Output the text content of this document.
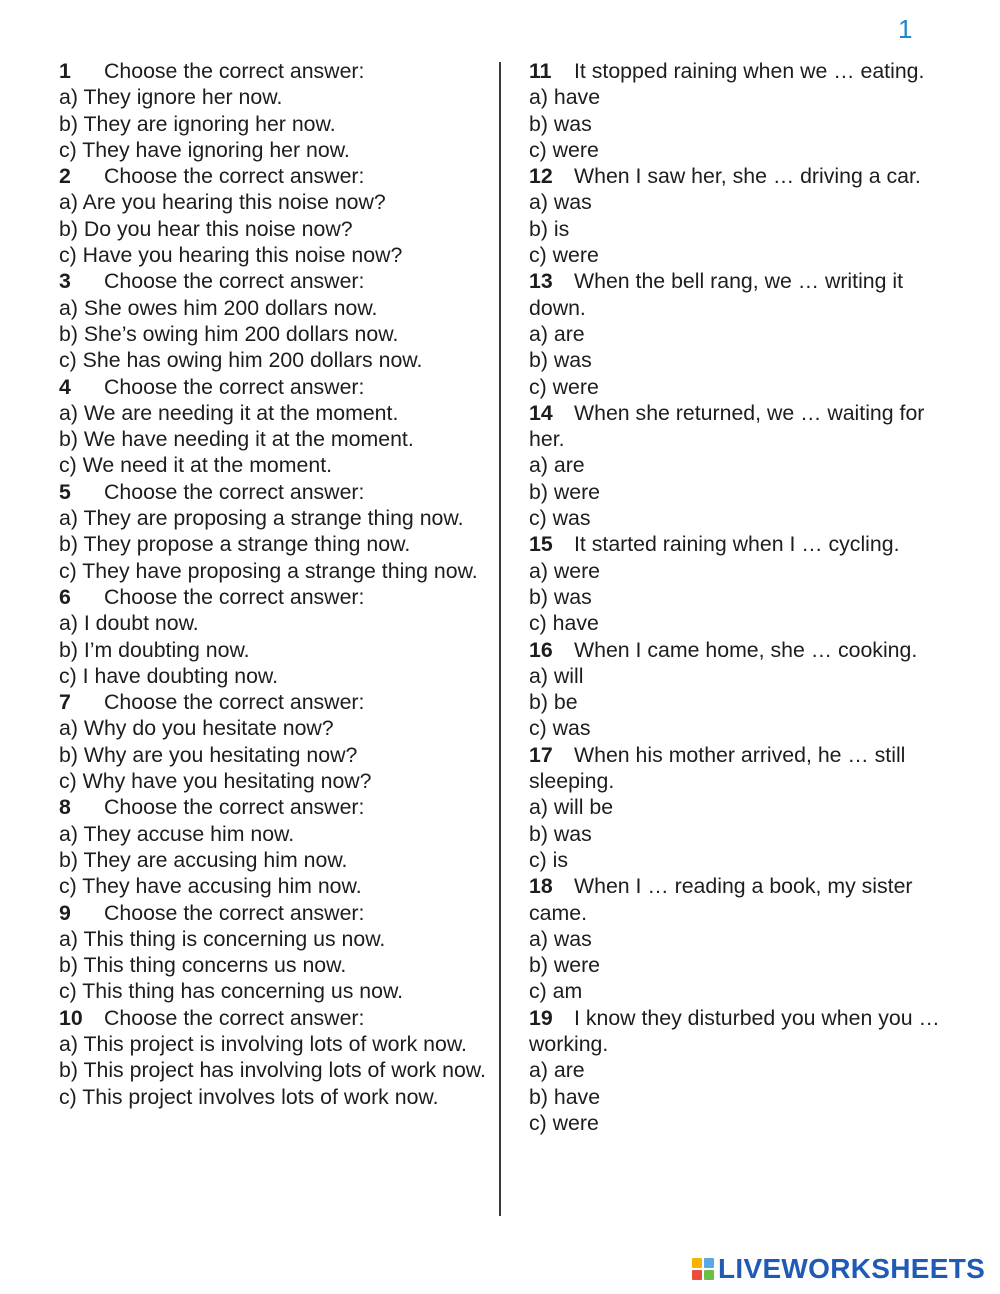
1
1 Choose the correct answer:
a) They ignore her now.
b) They are ignoring her now.
c) They have ignoring her now.
2 Choose the correct answer:
a) Are you hearing this noise now?
b) Do you hear this noise now?
c) Have you hearing this noise now?
3 Choose the correct answer:
a) She owes him 200 dollars now.
b) She’s owing him 200 dollars now.
c) She has owing him 200 dollars now.
4 Choose the correct answer:
a) We are needing it at the moment.
b) We have needing it at the moment.
c) We need it at the moment.
5 Choose the correct answer:
a) They are proposing a strange thing now.
b) They propose a strange thing now.
c) They have proposing a strange thing now.
6 Choose the correct answer:
a) I doubt now.
b) I’m doubting now.
c) I have doubting now.
7 Choose the correct answer:
a) Why do you hesitate now?
b) Why are you hesitating now?
c) Why have you hesitating now?
8 Choose the correct answer:
a) They accuse him now.
b) They are accusing him now.
c) They have accusing him now.
9 Choose the correct answer:
a) This thing is concerning us now.
b) This thing concerns us now.
c) This thing has concerning us now.
10 Choose the correct answer:
a) This project is involving lots of work now.
b) This project has involving lots of work now.
c) This project involves lots of work now.
11 It stopped raining when we … eating.
a) have
b) was
c) were
12 When I saw her, she … driving a car.
a) was
b) is
c) were
13 When the bell rang, we … writing it down.
a) are
b) was
c) were
14 When she returned, we … waiting for her.
a) are
b) were
c) was
15 It started raining when I … cycling.
a) were
b) was
c) have
16 When I came home, she … cooking.
a) will
b) be
c) was
17 When his mother arrived, he … still sleeping.
a) will be
b) was
c) is
18 When I … reading a book, my sister came.
a) was
b) were
c) am
19 I know they disturbed you when you … working.
a) are
b) have
c) were
LIVEWORKSHEETS
